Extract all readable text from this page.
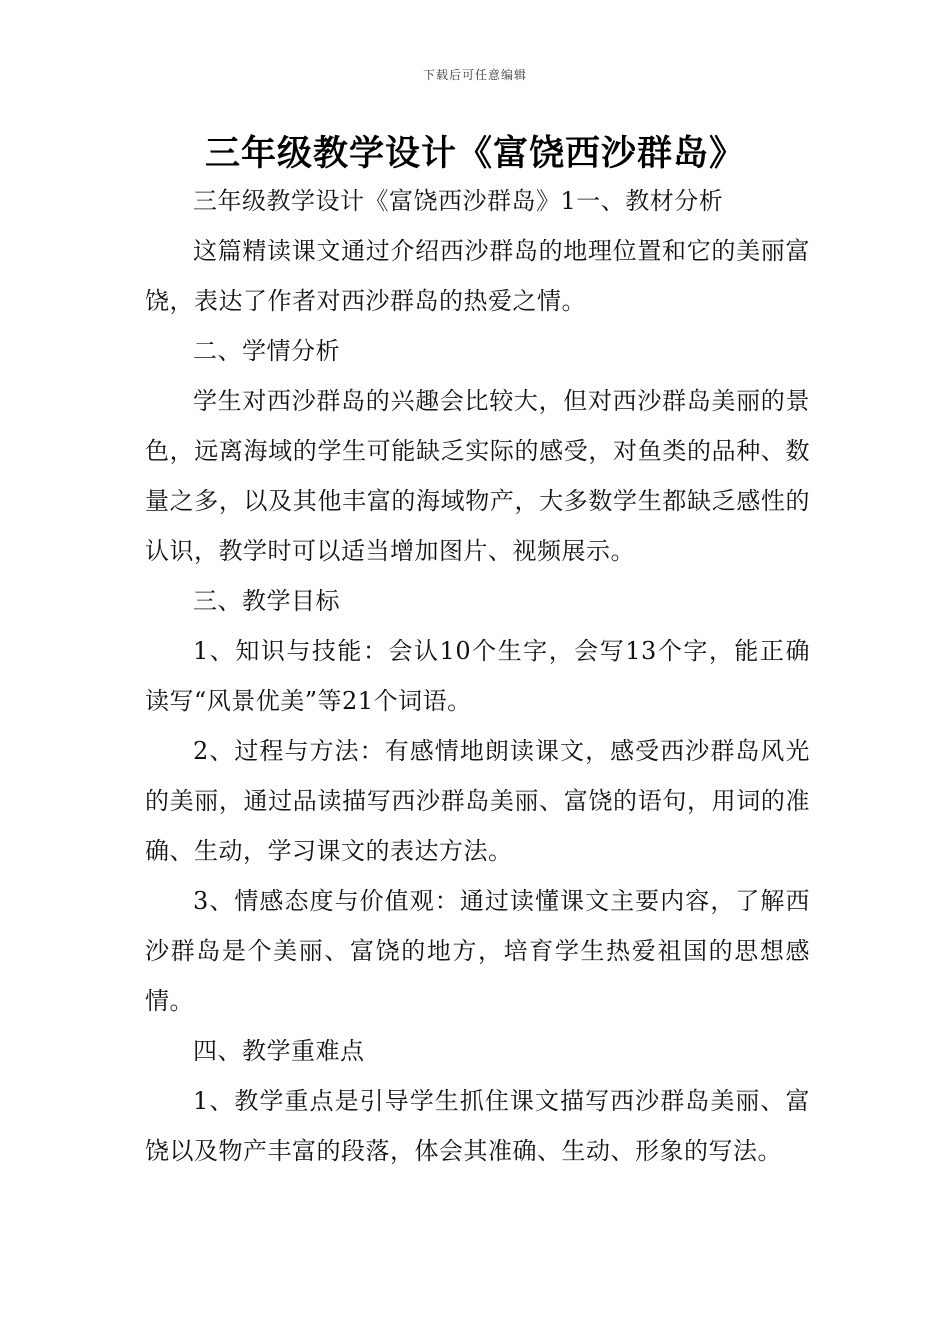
下载后可任意编辑
三年级教学设计《富饶西沙群岛》

三年级教学设计《富饶西沙群岛》1一、教材分析

这篇精读课文通过介绍西沙群岛的地理位置和它的美丽富饶，表达了作者对西沙群岛的热爱之情。

二、学情分析

学生对西沙群岛的兴趣会比较大，但对西沙群岛美丽的景色，远离海域的学生可能缺乏实际的感受，对鱼类的品种、数量之多，以及其他丰富的海域物产，大多数学生都缺乏感性的认识，教学时可以适当增加图片、视频展示。

三、教学目标

1、知识与技能：会认10个生字，会写13个字，能正确读写“风景优美”等21个词语。

2、过程与方法：有感情地朗读课文，感受西沙群岛风光的美丽，通过品读描写西沙群岛美丽、富饶的语句，用词的准确、生动，学习课文的表达方法。

3、情感态度与价值观：通过读懂课文主要内容，了解西沙群岛是个美丽、富饶的地方，培育学生热爱祖国的思想感情。

四、教学重难点

1、教学重点是引导学生抓住课文描写西沙群岛美丽、富饶以及物产丰富的段落，体会其准确、生动、形象的写法。
